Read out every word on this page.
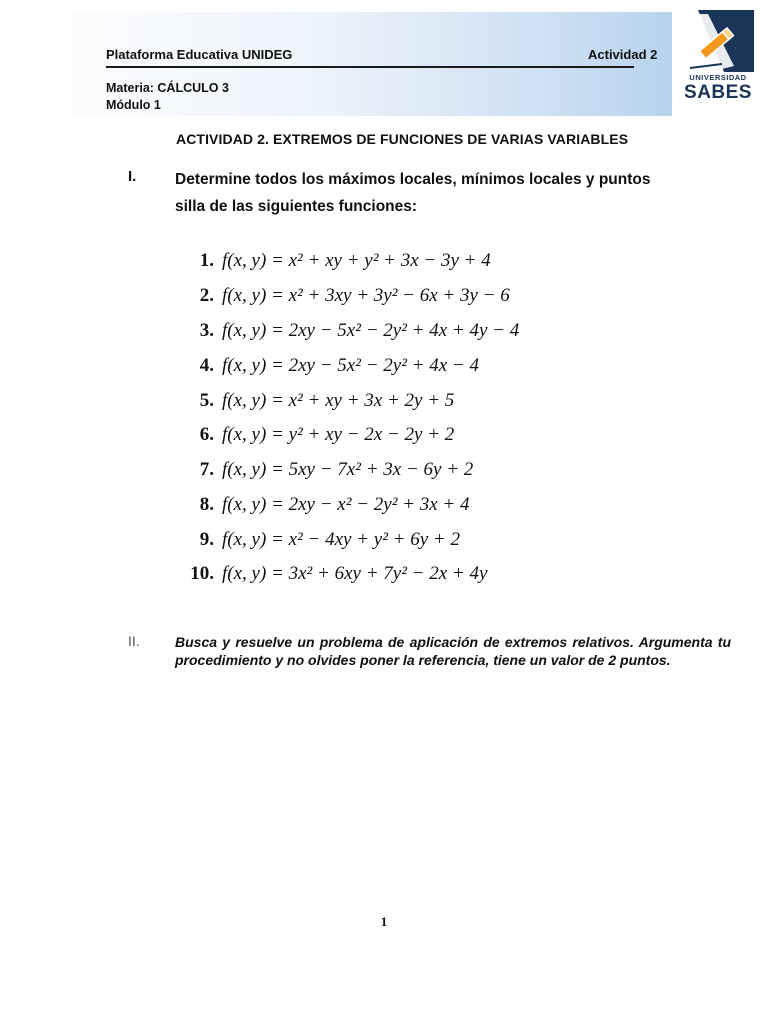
Plataforma Educativa UNIDEG	Actividad 2
Materia: CÁLCULO 3
Módulo 1
UNIVERSIDAD
SABES
ACTIVIDAD 2. EXTREMOS DE FUNCIONES DE VARIAS VARIABLES
I. Determine todos los máximos locales, mínimos locales y puntos
silla de las siguientes funciones:
1. f(x, y) = x² + xy + y² + 3x − 3y + 4
2. f(x, y) = x² + 3xy + 3y² − 6x + 3y − 6
3. f(x, y) = 2xy − 5x² − 2y² + 4x + 4y − 4
4. f(x, y) = 2xy − 5x² − 2y² + 4x − 4
5. f(x, y) = x² + xy + 3x + 2y + 5
6. f(x, y) = y² + xy − 2x − 2y + 2
7. f(x, y) = 5xy − 7x² + 3x − 6y + 2
8. f(x, y) = 2xy − x² − 2y² + 3x + 4
9. f(x, y) = x² − 4xy + y² + 6y + 2
10. f(x, y) = 3x² + 6xy + 7y² − 2x + 4y
II.	Busca y resuelve un problema de aplicación de extremos relativos. Argumenta tu procedimiento y no olvides poner la referencia, tiene un valor de 2 puntos.
1
